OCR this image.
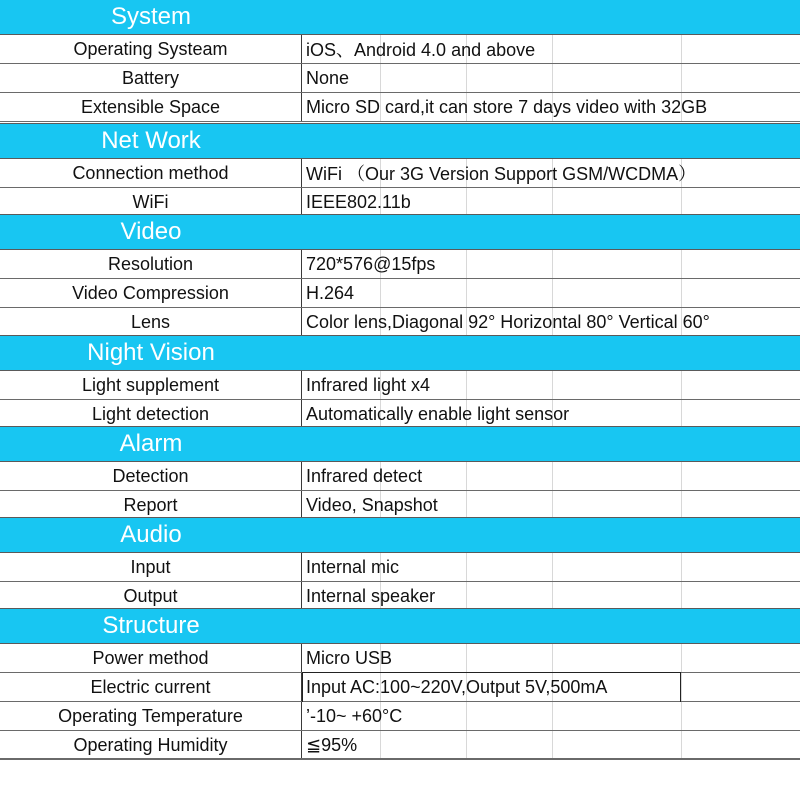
System
Operating Systeam	iOS、Android 4.0 and above
Battery	None
Extensible Space	Micro SD card,it can store 7 days video with 32GB
Net Work
Connection method	WiFi （Our 3G Version Support GSM/WCDMA）
WiFi	IEEE802.11b
Video
Resolution	720*576@15fps
Video Compression	H.264
Lens	Color lens,Diagonal 92° Horizontal 80° Vertical 60°
Night Vision
Light supplement	Infrared light x4
Light detection	Automatically enable light sensor
Alarm
Detection	Infrared detect
Report	Video, Snapshot
Audio
Input	Internal mic
Output	Internal speaker
Structure
Power method	Micro USB
Electric current	Input AC:100~220V,Output 5V,500mA
Operating Temperature	’-10~ +60°C
Operating Humidity	≦95%
